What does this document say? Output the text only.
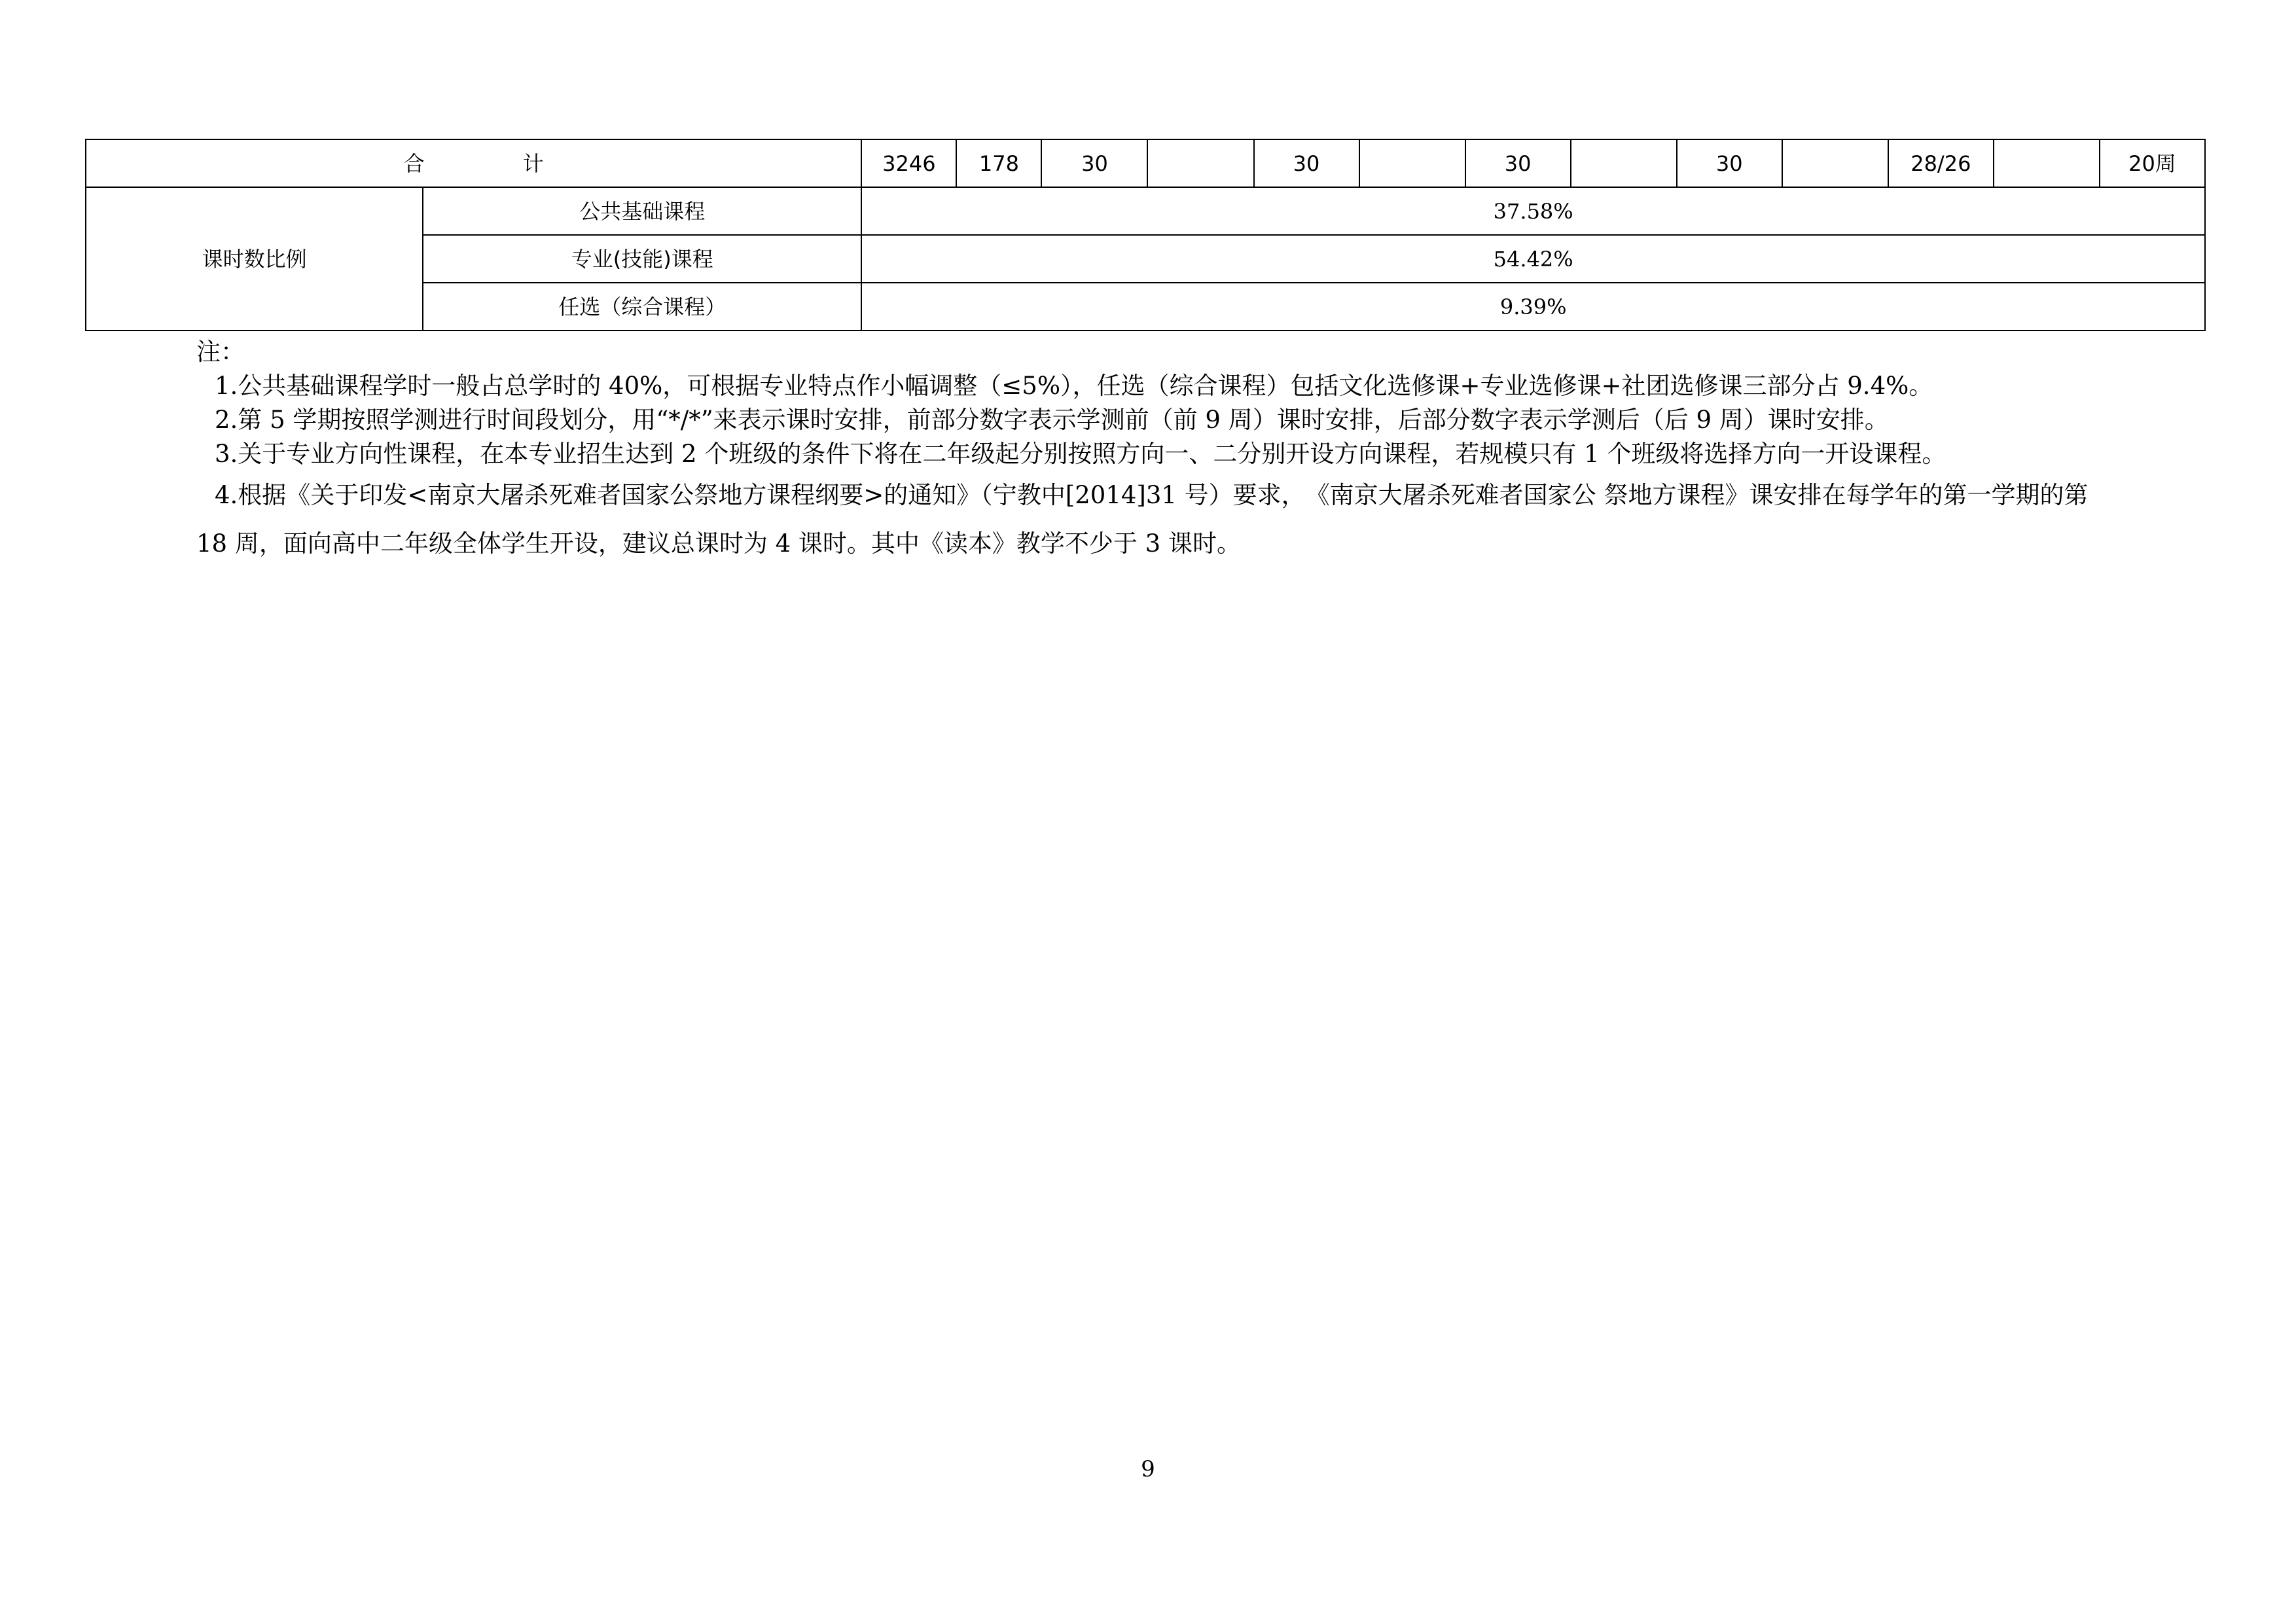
合 计		3246	178	30		30		30		30		28/26		20周
课时数比例	公共基础课程	37.58%												
	专业(技能)课程	54.42%												
	任选（综合课程）	9.39%												
注：

1.公共基础课程学时一般占总学时的 40%，可根据专业特点作小幅调整（≤5%），任选（综合课程）包括文化选修课+专业选修课+社团选修课三部分占 9.4%。

2.第 5 学期按照学测进行时间段划分，用“*/*”来表示课时安排，前部分数字表示学测前（前 9 周）课时安排，后部分数字表示学测后（后 9 周）课时安排。

3.关于专业方向性课程，在本专业招生达到 2 个班级的条件下将在二年级起分别按照方向一、二分别开设方向课程，若规模只有 1 个班级将选择方向一开设课程。

4.根据《关于印发<南京大屠杀死难者国家公祭地方课程纲要>的通知》（宁教中[2014]31 号）要求，　《南京大屠杀死难者国家公 祭地方课程》课安排在每学年的第一学期的第 18 周，面向高中二年级全体学生开设，建议总课时为 4 课时。其中《读本》教学不少于 3 课时。

9
